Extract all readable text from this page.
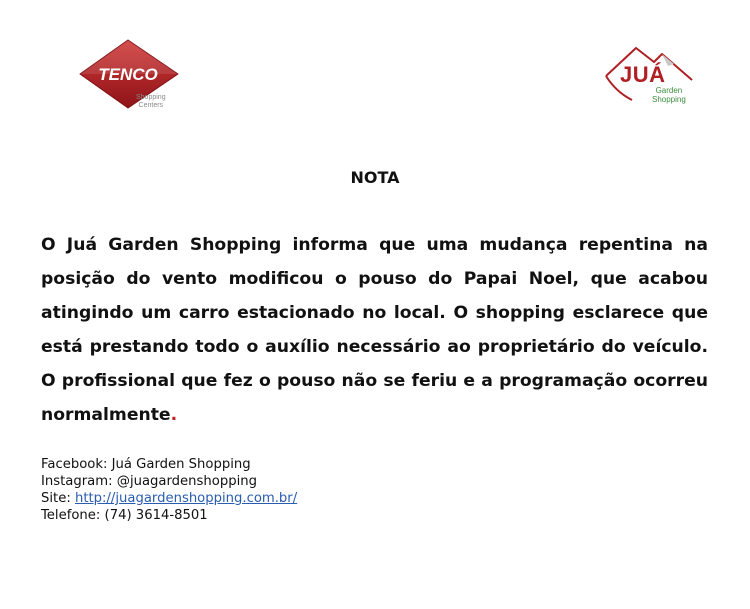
TENCO
Shopping
Centers
JUÁ
Garden
Shopping
NOTA

O Juá Garden Shopping informa que uma mudança repentina na posição do vento modificou o pouso do Papai Noel, que acabou atingindo um carro estacionado no local. O shopping esclarece que está prestando todo o auxílio necessário ao proprietário do veículo. O profissional que fez o pouso não se feriu e a programação ocorreu normalmente.

Facebook: Juá Garden Shopping
Instagram: @juagardenshopping
Site: http://juagardenshopping.com.br/
Telefone: (74) 3614-8501
